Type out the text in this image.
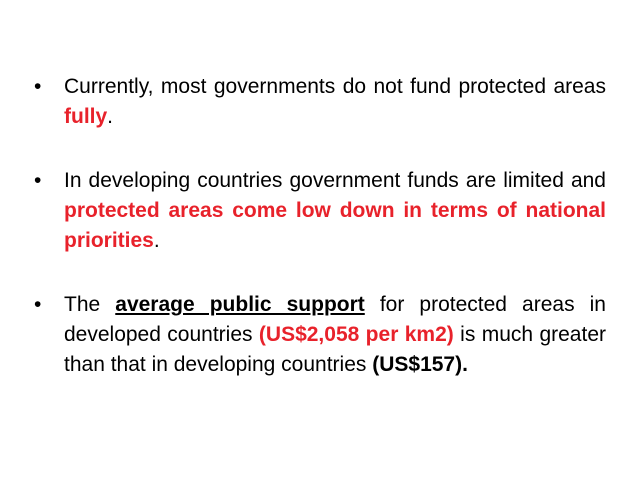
• Currently, most governments do not fund protected areas fully.
• In developing countries government funds are limited and protected areas come low down in terms of national priorities.
• The average public support for protected areas in developed countries (US$2,058 per km2) is much greater than that in developing countries (US$157).
